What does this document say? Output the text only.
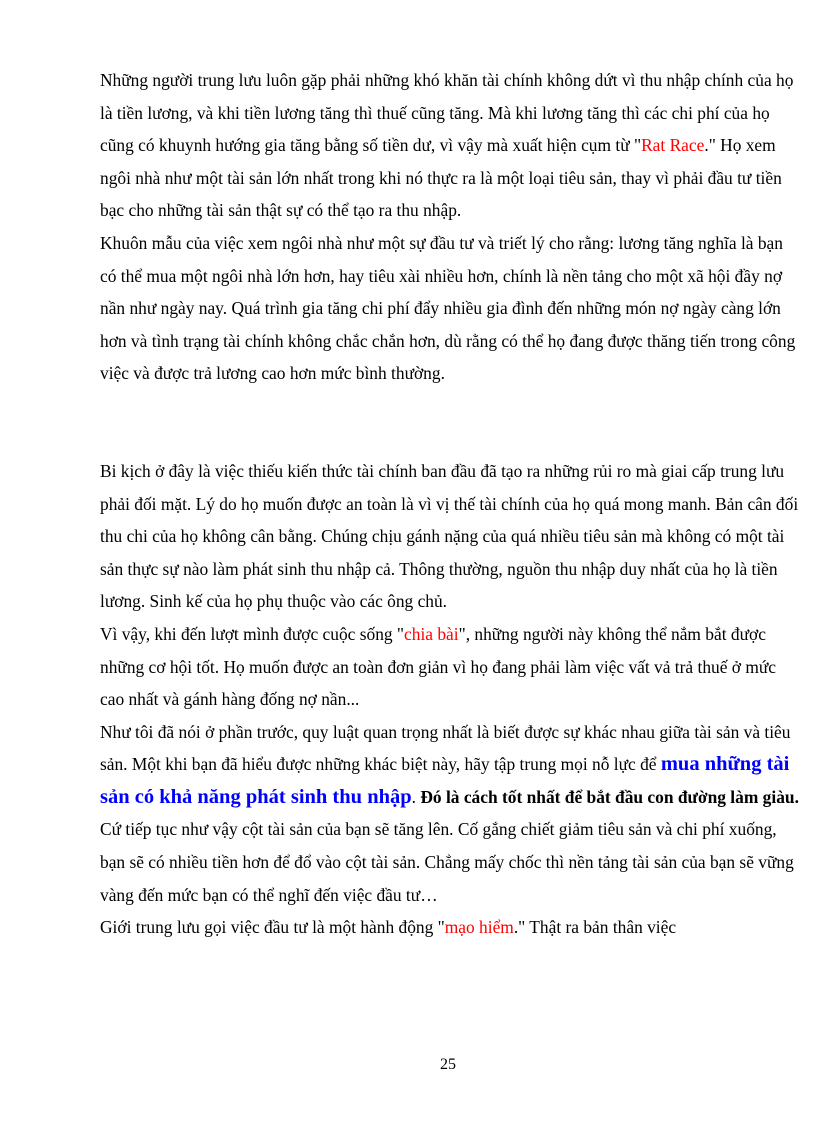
Những người trung lưu luôn gặp phải những khó khăn tài chính không dứt vì thu nhập chính của họ là tiền lương, và khi tiền lương tăng thì thuế cũng tăng. Mà khi lương tăng thì các chi phí của họ cũng có khuynh hướng gia tăng bằng số tiền dư, vì vậy mà xuất hiện cụm từ "Rat Race." Họ xem ngôi nhà như một tài sản lớn nhất trong khi nó thực ra là một loại tiêu sản, thay vì phải đầu tư tiền bạc cho những tài sản thật sự có thể tạo ra thu nhập.

Khuôn mẫu của việc xem ngôi nhà như một sự đầu tư và triết lý cho rằng: lương tăng nghĩa là bạn có thể mua một ngôi nhà lớn hơn, hay tiêu xài nhiều hơn, chính là nền tảng cho một xã hội đầy nợ nần như ngày nay. Quá trình gia tăng chi phí đẩy nhiều gia đình đến những món nợ ngày càng lớn hơn và tình trạng tài chính không chắc chắn hơn, dù rằng có thể họ đang được thăng tiến trong công việc và được trả lương cao hơn mức bình thường.

Bi kịch ở đây là việc thiếu kiến thức tài chính ban đầu đã tạo ra những rủi ro mà giai cấp trung lưu phải đối mặt. Lý do họ muốn được an toàn là vì vị thế tài chính của họ quá mong manh. Bản cân đối thu chi của họ không cân bằng. Chúng chịu gánh nặng của quá nhiều tiêu sản mà không có một tài sản thực sự nào làm phát sinh thu nhập cả. Thông thường, nguồn thu nhập duy nhất của họ là tiền lương. Sinh kế của họ phụ thuộc vào các ông chủ.

Vì vậy, khi đến lượt mình được cuộc sống "chia bài", những người này không thể nắm bắt được những cơ hội tốt. Họ muốn được an toàn đơn giản vì họ đang phải làm việc vất vả trả thuế ở mức cao nhất và gánh hàng đống nợ nần...

Như tôi đã nói ở phần trước, quy luật quan trọng nhất là biết được sự khác nhau giữa tài sản và tiêu sản. Một khi bạn đã hiểu được những khác biệt này, hãy tập trung mọi nỗ lực để mua những tài sản có khả năng phát sinh thu nhập. Đó là cách tốt nhất để bắt đầu con đường làm giàu. Cứ tiếp tục như vậy cột tài sản của bạn sẽ tăng lên. Cố gắng chiết giảm tiêu sản và chi phí xuống, bạn sẽ có nhiều tiền hơn để đổ vào cột tài sản. Chẳng mấy chốc thì nền tảng tài sản của bạn sẽ vững vàng đến mức bạn có thể nghĩ đến việc đầu tư…

Giới trung lưu gọi việc đầu tư là một hành động "mạo hiểm." Thật ra bản thân việc

25
